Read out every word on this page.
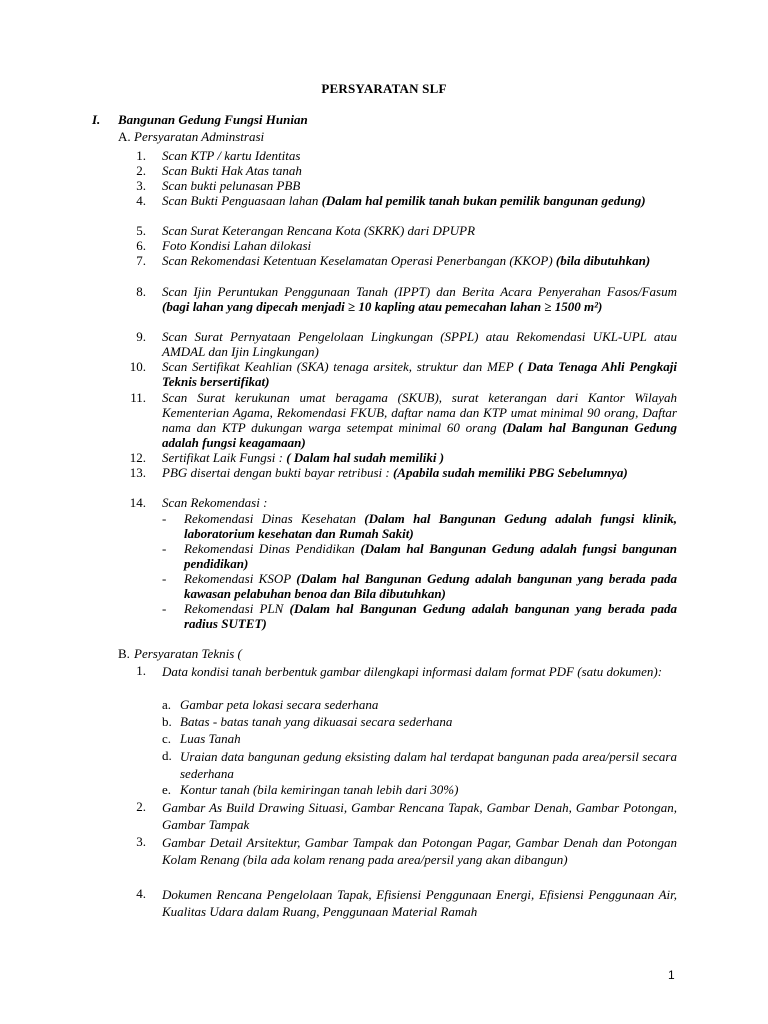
PERSYARATAN SLF
I. Bangunan Gedung Fungsi Hunian
A. Persyaratan Adminstrasi
1. Scan KTP / kartu Identitas
2. Scan Bukti Hak Atas tanah
3. Scan bukti pelunasan PBB
4. Scan Bukti Penguasaan lahan (Dalam hal pemilik tanah bukan pemilik bangunan gedung)
5. Scan Surat Keterangan Rencana Kota (SKRK) dari DPUPR
6. Foto Kondisi Lahan dilokasi
7. Scan Rekomendasi Ketentuan Keselamatan Operasi Penerbangan (KKOP) (bila dibutuhkan)
8. Scan Ijin Peruntukan Penggunaan Tanah (IPPT) dan Berita Acara Penyerahan Fasos/Fasum (bagi lahan yang dipecah menjadi ≥ 10 kapling atau pemecahan lahan ≥ 1500 m²)
9. Scan Surat Pernyataan Pengelolaan Lingkungan (SPPL) atau Rekomendasi UKL-UPL atau AMDAL dan Ijin Lingkungan)
10. Scan Sertifikat Keahlian (SKA) tenaga arsitek, struktur dan MEP ( Data Tenaga Ahli Pengkaji Teknis bersertifikat)
11. Scan Surat kerukunan umat beragama (SKUB), surat keterangan dari Kantor Wilayah Kementerian Agama, Rekomendasi FKUB, daftar nama dan KTP umat minimal 90 orang, Daftar nama dan KTP dukungan warga setempat minimal 60 orang (Dalam hal Bangunan Gedung adalah fungsi keagamaan)
12. Sertifikat Laik Fungsi : ( Dalam hal sudah memiliki )
13. PBG disertai dengan bukti bayar retribusi : (Apabila sudah memiliki PBG Sebelumnya)
14. Scan Rekomendasi :
- Rekomendasi Dinas Kesehatan (Dalam hal Bangunan Gedung adalah fungsi klinik, laboratorium kesehatan dan Rumah Sakit)
- Rekomendasi Dinas Pendidikan (Dalam hal Bangunan Gedung adalah fungsi bangunan pendidikan)
- Rekomendasi KSOP (Dalam hal Bangunan Gedung adalah bangunan yang berada pada kawasan pelabuhan benoa dan Bila dibutuhkan)
- Rekomendasi PLN (Dalam hal Bangunan Gedung adalah bangunan yang berada pada radius SUTET)
B. Persyaratan Teknis (
1. Data kondisi tanah berbentuk gambar dilengkapi informasi dalam format PDF (satu dokumen):
a. Gambar peta lokasi secara sederhana
b. Batas - batas tanah yang dikuasai secara sederhana
c. Luas Tanah
d. Uraian data bangunan gedung eksisting dalam hal terdapat bangunan pada area/persil secara sederhana
e. Kontur tanah (bila kemiringan tanah lebih dari 30%)
2. Gambar As Build Drawing Situasi, Gambar Rencana Tapak, Gambar Denah, Gambar Potongan, Gambar Tampak
3. Gambar Detail Arsitektur, Gambar Tampak dan Potongan Pagar, Gambar Denah dan Potongan Kolam Renang (bila ada kolam renang pada area/persil yang akan dibangun)
4. Dokumen Rencana Pengelolaan Tapak, Efisiensi Penggunaan Energi, Efisiensi Penggunaan Air, Kualitas Udara dalam Ruang, Penggunaan Material Ramah
1
